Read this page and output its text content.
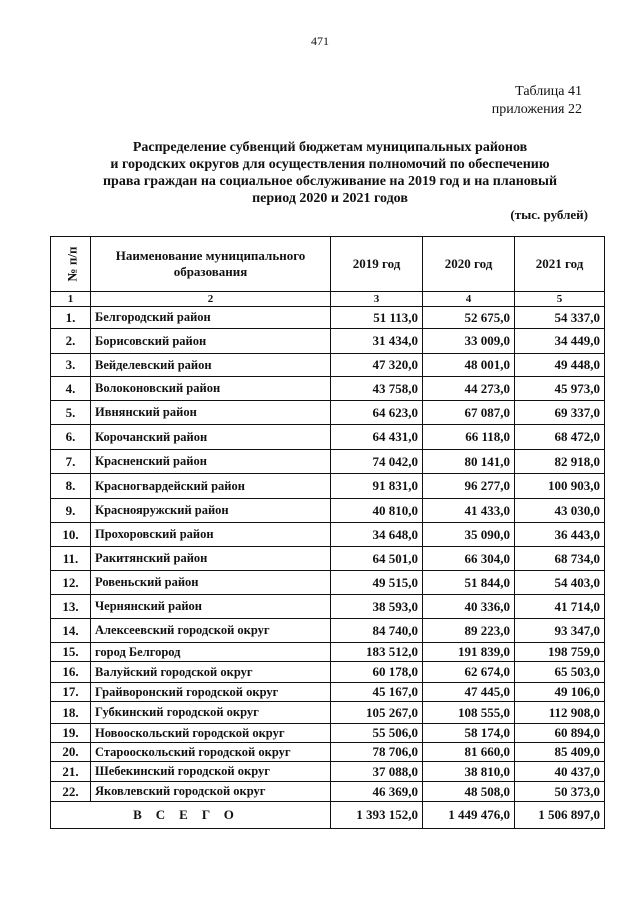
471
Таблица 41
приложения 22
Распределение субвенций бюджетам муниципальных районов
и городских округов для осуществления полномочий по обеспечению
права граждан на социальное обслуживание на 2019 год и на плановый
период 2020 и 2021 годов
(тыс. рублей)
№ п/п	Наименование муниципального образования	2019 год	2020 год	2021 год
1	2	3	4	5
1.	Белгородский район	51 113,0	52 675,0	54 337,0
2.	Борисовский район	31 434,0	33 009,0	34 449,0
3.	Вейделевский район	47 320,0	48 001,0	49 448,0
4.	Волоконовский район	43 758,0	44 273,0	45 973,0
5.	Ивнянский район	64 623,0	67 087,0	69 337,0
6.	Корочанский район	64 431,0	66 118,0	68 472,0
7.	Красненский район	74 042,0	80 141,0	82 918,0
8.	Красногвардейский район	91 831,0	96 277,0	100 903,0
9.	Краснояружский район	40 810,0	41 433,0	43 030,0
10.	Прохоровский район	34 648,0	35 090,0	36 443,0
11.	Ракитянский район	64 501,0	66 304,0	68 734,0
12.	Ровеньский район	49 515,0	51 844,0	54 403,0
13.	Чернянский район	38 593,0	40 336,0	41 714,0
14.	Алексеевский городской округ	84 740,0	89 223,0	93 347,0
15.	город Белгород	183 512,0	191 839,0	198 759,0
16.	Валуйский городской округ	60 178,0	62 674,0	65 503,0
17.	Грайворонский городской округ	45 167,0	47 445,0	49 106,0
18.	Губкинский городской округ	105 267,0	108 555,0	112 908,0
19.	Новооскольский городской округ	55 506,0	58 174,0	60 894,0
20.	Старооскольский городской округ	78 706,0	81 660,0	85 409,0
21.	Шебекинский городской округ	37 088,0	38 810,0	40 437,0
22.	Яковлевский городской округ	46 369,0	48 508,0	50 373,0
ВСЕГО		1 393 152,0	1 449 476,0	1 506 897,0
